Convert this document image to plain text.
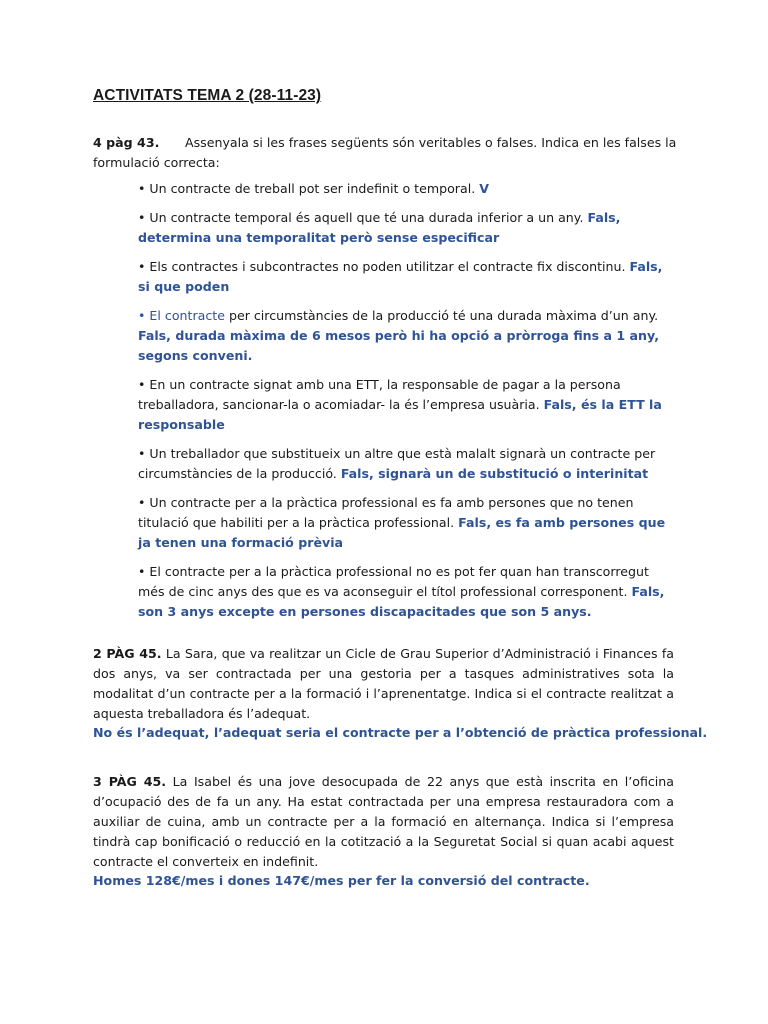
ACTIVITATS TEMA 2 (28-11-23)
4 pàg 43. Assenyala si les frases següents són veritables o falses. Indica en les falses la formulació correcta:
• Un contracte de treball pot ser indefinit o temporal. V
• Un contracte temporal és aquell que té una durada inferior a un any. Fals, determina una temporalitat però sense especificar
• Els contractes i subcontractes no poden utilitzar el contracte fix discontinu. Fals, si que poden
• El contracte per circumstàncies de la producció té una durada màxima d’un any. Fals, durada màxima de 6 mesos però hi ha opció a pròrroga fins a 1 any, segons conveni.
• En un contracte signat amb una ETT, la responsable de pagar a la persona treballadora, sancionar-la o acomiadar- la és l’empresa usuària. Fals, és la ETT la responsable
• Un treballador que substitueix un altre que està malalt signarà un contracte per circumstàncies de la producció. Fals, signarà un de substitució o interinitat
• Un contracte per a la pràctica professional es fa amb persones que no tenen titulació que habiliti per a la pràctica professional. Fals, es fa amb persones que ja tenen una formació prèvia
• El contracte per a la pràctica professional no es pot fer quan han transcorregut més de cinc anys des que es va aconseguir el títol professional corresponent. Fals, son 3 anys excepte en persones discapacitades que son 5 anys.
2 PÀG 45. La Sara, que va realitzar un Cicle de Grau Superior d’Administració i Finances fa dos anys, va ser contractada per una gestoria per a tasques administratives sota la modalitat d’un contracte per a la formació i l’aprenentatge. Indica si el contracte realitzat a aquesta treballadora és l’adequat.
No és l’adequat, l’adequat seria el contracte per a l’obtenció de pràctica professional.
3 PÀG 45. La Isabel és una jove desocupada de 22 anys que està inscrita en l’oficina d’ocupació des de fa un any. Ha estat contractada per una empresa restauradora com a auxiliar de cuina, amb un contracte per a la formació en alternança. Indica si l’empresa tindrà cap bonificació o reducció en la cotització a la Seguretat Social si quan acabi aquest contracte el converteix en indefinit.
Homes 128€/mes i dones 147€/mes per fer la conversió del contracte.
